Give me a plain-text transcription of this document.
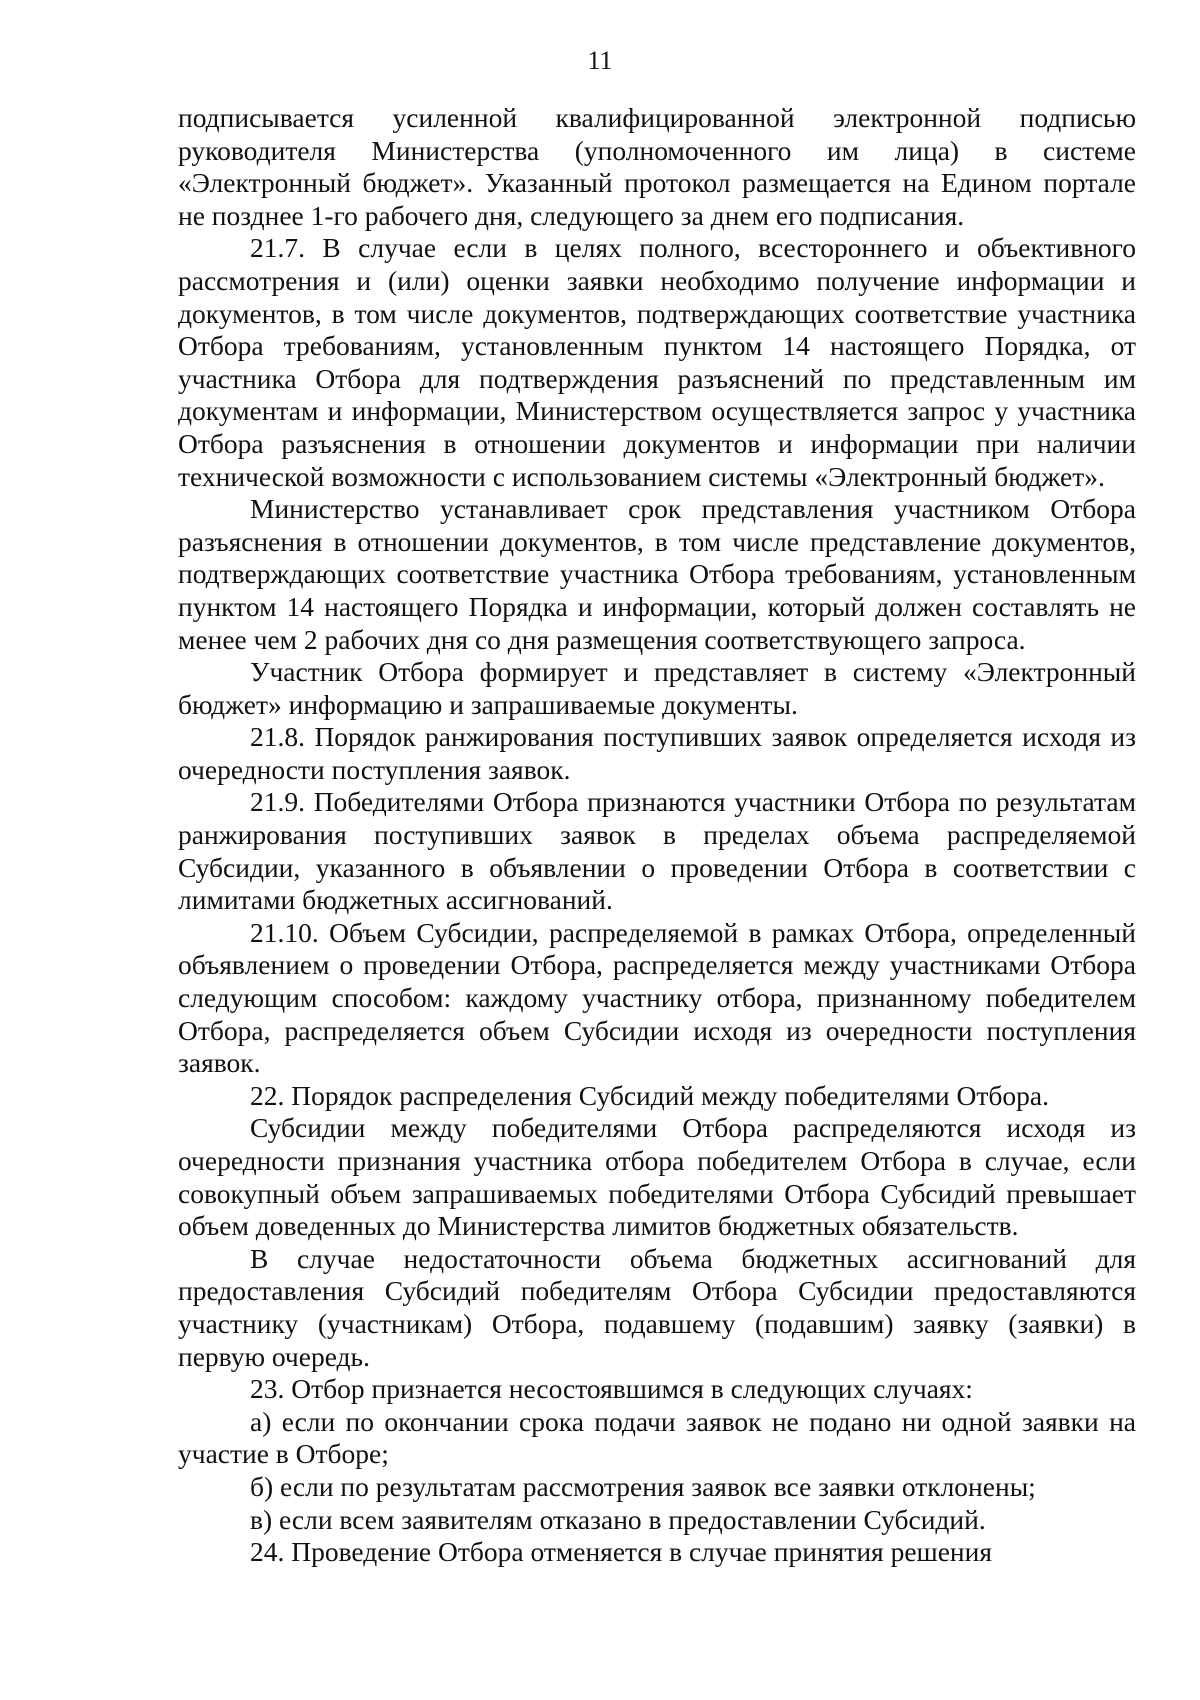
11

подписывается усиленной квалифицированной электронной подписью руководителя Министерства (уполномоченного им лица) в системе «Электронный бюджет». Указанный протокол размещается на Едином портале не позднее 1-го рабочего дня, следующего за днем его подписания.

21.7. В случае если в целях полного, всестороннего и объективного рассмотрения и (или) оценки заявки необходимо получение информации и документов, в том числе документов, подтверждающих соответствие участника Отбора требованиям, установленным пунктом 14 настоящего Порядка, от участника Отбора для подтверждения разъяснений по представленным им документам и информации, Министерством осуществляется запрос у участника Отбора разъяснения в отношении документов и информации при наличии технической возможности с использованием системы «Электронный бюджет».

Министерство устанавливает срок представления участником Отбора разъяснения в отношении документов, в том числе представление документов, подтверждающих соответствие участника Отбора требованиям, установленным пунктом 14 настоящего Порядка и информации, который должен составлять не менее чем 2 рабочих дня со дня размещения соответствующего запроса.

Участник Отбора формирует и представляет в систему «Электронный бюджет» информацию и запрашиваемые документы.

21.8. Порядок ранжирования поступивших заявок определяется исходя из очередности поступления заявок.

21.9. Победителями Отбора признаются участники Отбора по результатам ранжирования поступивших заявок в пределах объема распределяемой Субсидии, указанного в объявлении о проведении Отбора в соответствии с лимитами бюджетных ассигнований.

21.10. Объем Субсидии, распределяемой в рамках Отбора, определенный объявлением о проведении Отбора, распределяется между участниками Отбора следующим способом: каждому участнику отбора, признанному победителем Отбора, распределяется объем Субсидии исходя из очередности поступления заявок.

22. Порядок распределения Субсидий между победителями Отбора.

Субсидии между победителями Отбора распределяются исходя из очередности признания участника отбора победителем Отбора в случае, если совокупный объем запрашиваемых победителями Отбора Субсидий превышает объем доведенных до Министерства лимитов бюджетных обязательств.

В случае недостаточности объема бюджетных ассигнований для предоставления Субсидий победителям Отбора Субсидии предоставляются участнику (участникам) Отбора, подавшему (подавшим) заявку (заявки) в первую очередь.

23. Отбор признается несостоявшимся в следующих случаях:

а) если по окончании срока подачи заявок не подано ни одной заявки на участие в Отборе;

б) если по результатам рассмотрения заявок все заявки отклонены;

в) если всем заявителям отказано в предоставлении Субсидий.

24. Проведение Отбора отменяется в случае принятия решения
